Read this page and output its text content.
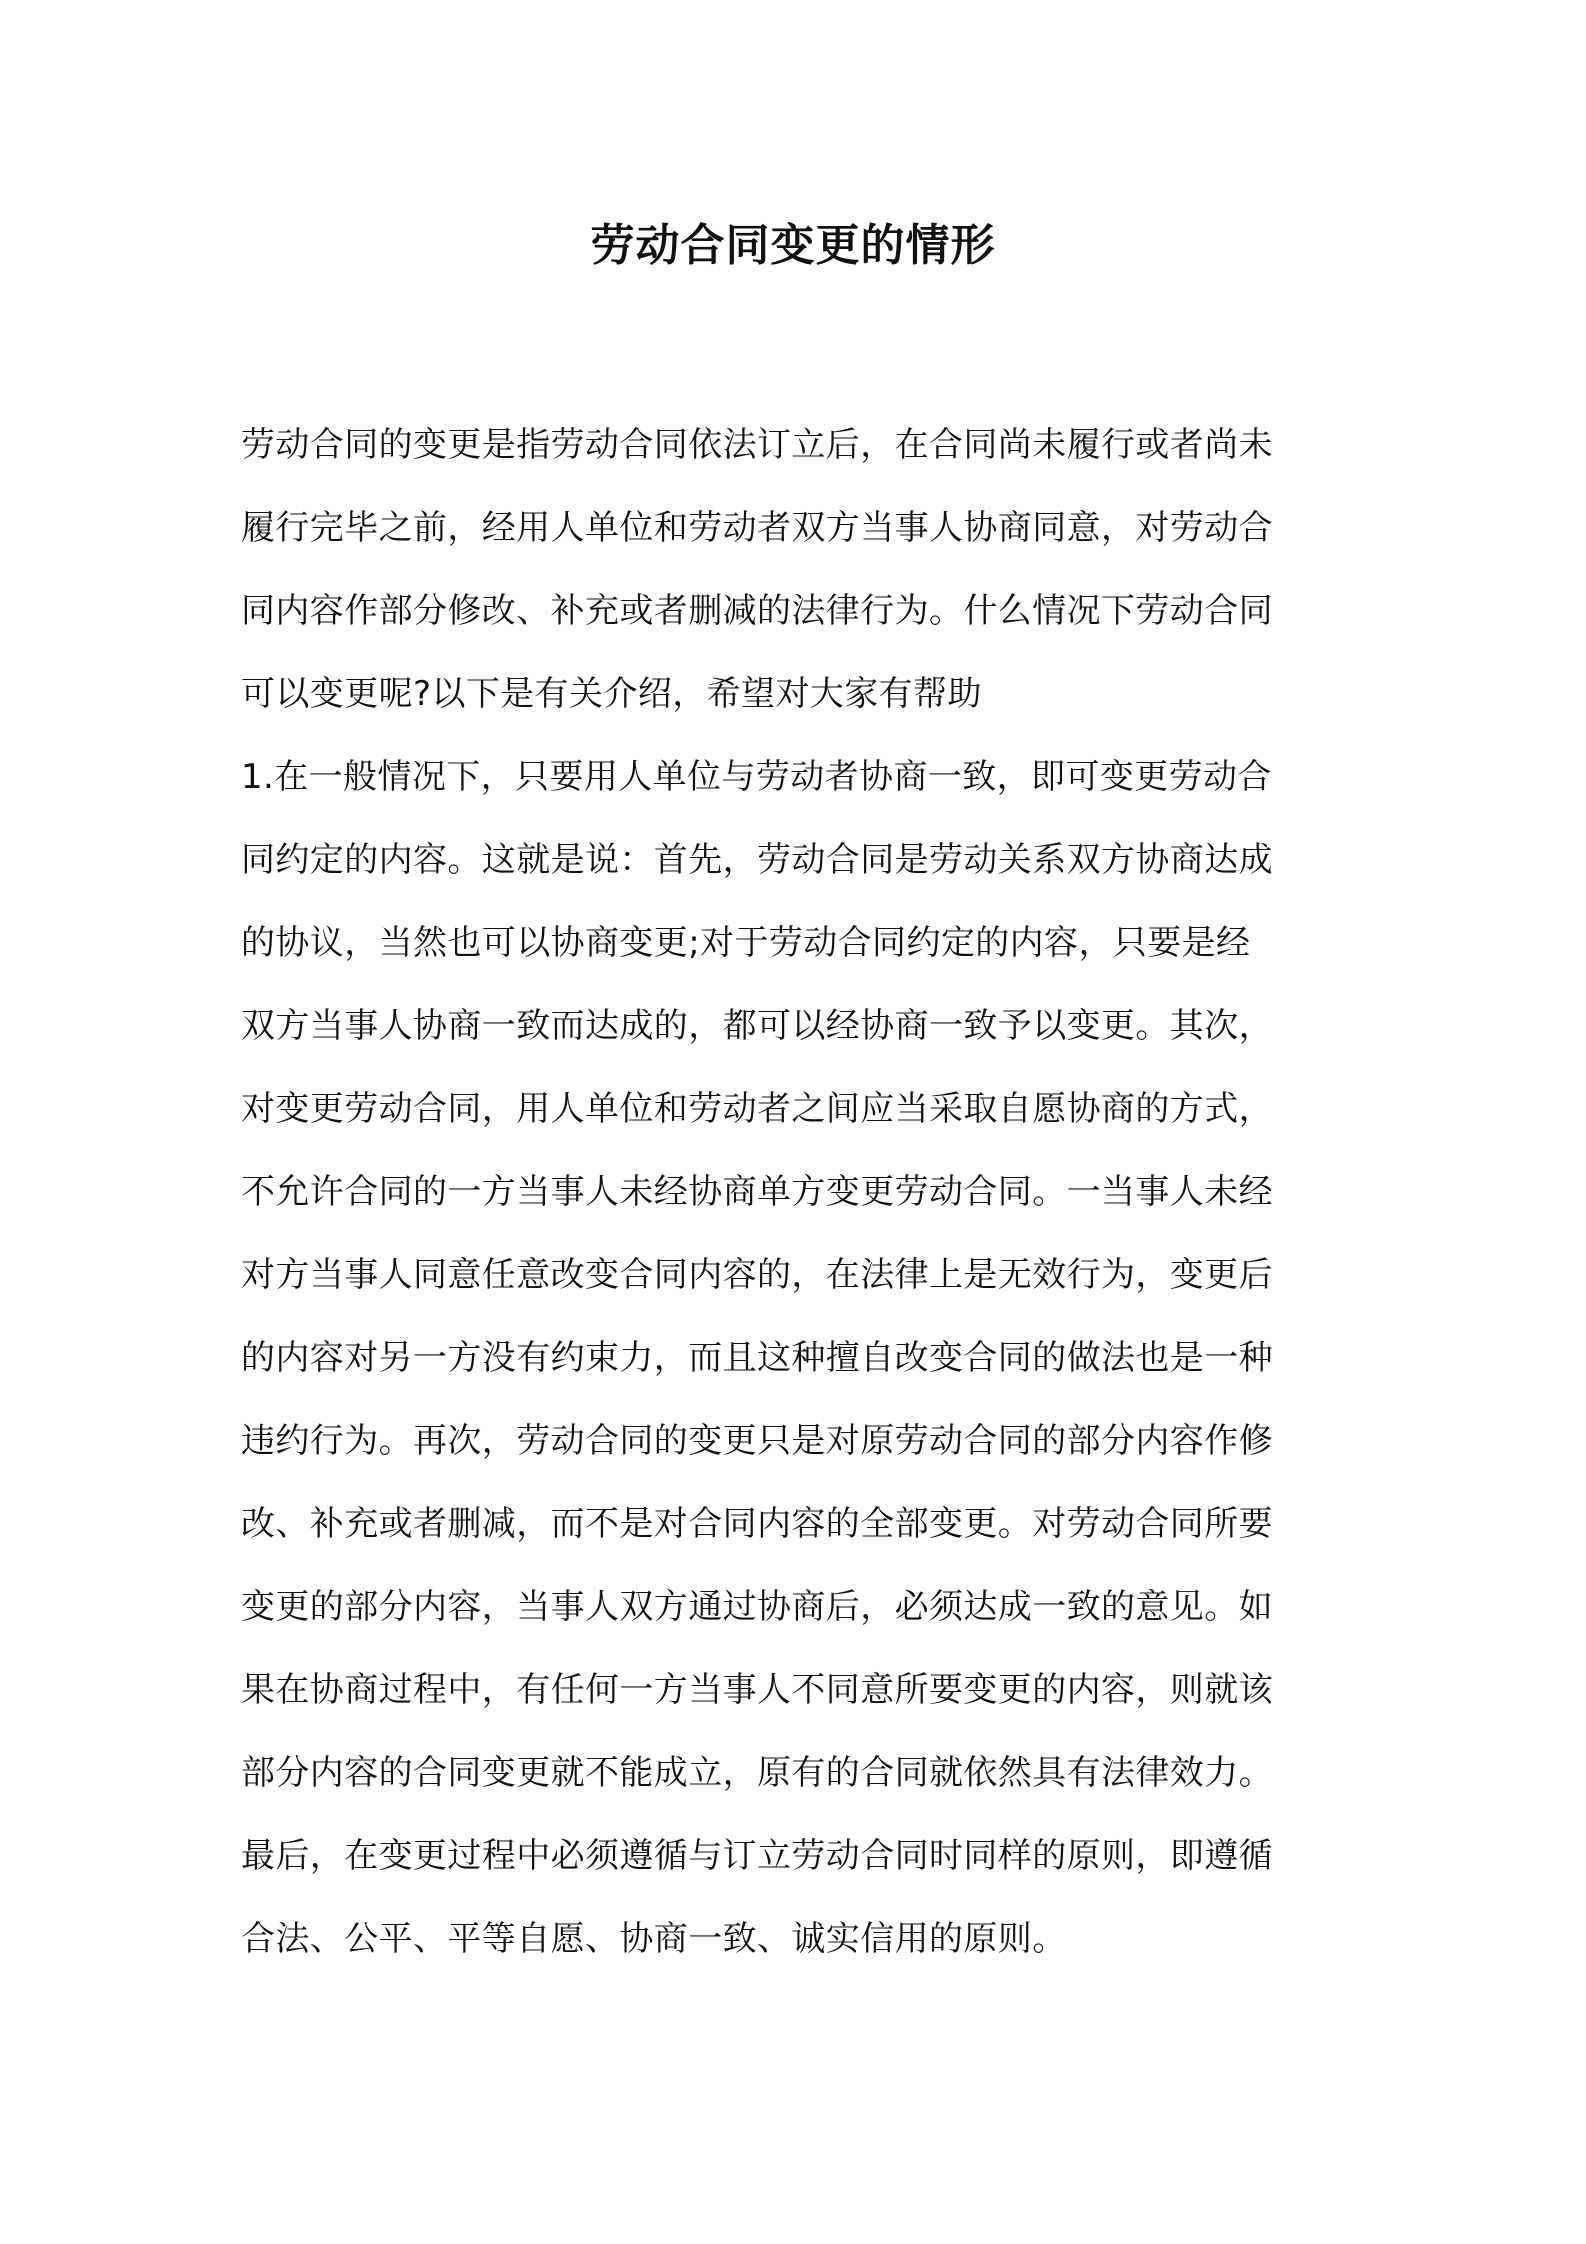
劳动合同变更的情形
劳动合同的变更是指劳动合同依法订立后，在合同尚未履行或者尚未
履行完毕之前，经用人单位和劳动者双方当事人协商同意，对劳动合
同内容作部分修改、补充或者删减的法律行为。什么情况下劳动合同
可以变更呢?以下是有关介绍，希望对大家有帮助
1.在一般情况下，只要用人单位与劳动者协商一致，即可变更劳动合
同约定的内容。这就是说：首先，劳动合同是劳动关系双方协商达成
的协议，当然也可以协商变更;对于劳动合同约定的内容，只要是经
双方当事人协商一致而达成的，都可以经协商一致予以变更。其次，
对变更劳动合同，用人单位和劳动者之间应当采取自愿协商的方式，
不允许合同的一方当事人未经协商单方变更劳动合同。一当事人未经
对方当事人同意任意改变合同内容的，在法律上是无效行为，变更后
的内容对另一方没有约束力，而且这种擅自改变合同的做法也是一种
违约行为。再次，劳动合同的变更只是对原劳动合同的部分内容作修
改、补充或者删减，而不是对合同内容的全部变更。对劳动合同所要
变更的部分内容，当事人双方通过协商后，必须达成一致的意见。如
果在协商过程中，有任何一方当事人不同意所要变更的内容，则就该
部分内容的合同变更就不能成立，原有的合同就依然具有法律效力。
最后，在变更过程中必须遵循与订立劳动合同时同样的原则，即遵循
合法、公平、平等自愿、协商一致、诚实信用的原则。
